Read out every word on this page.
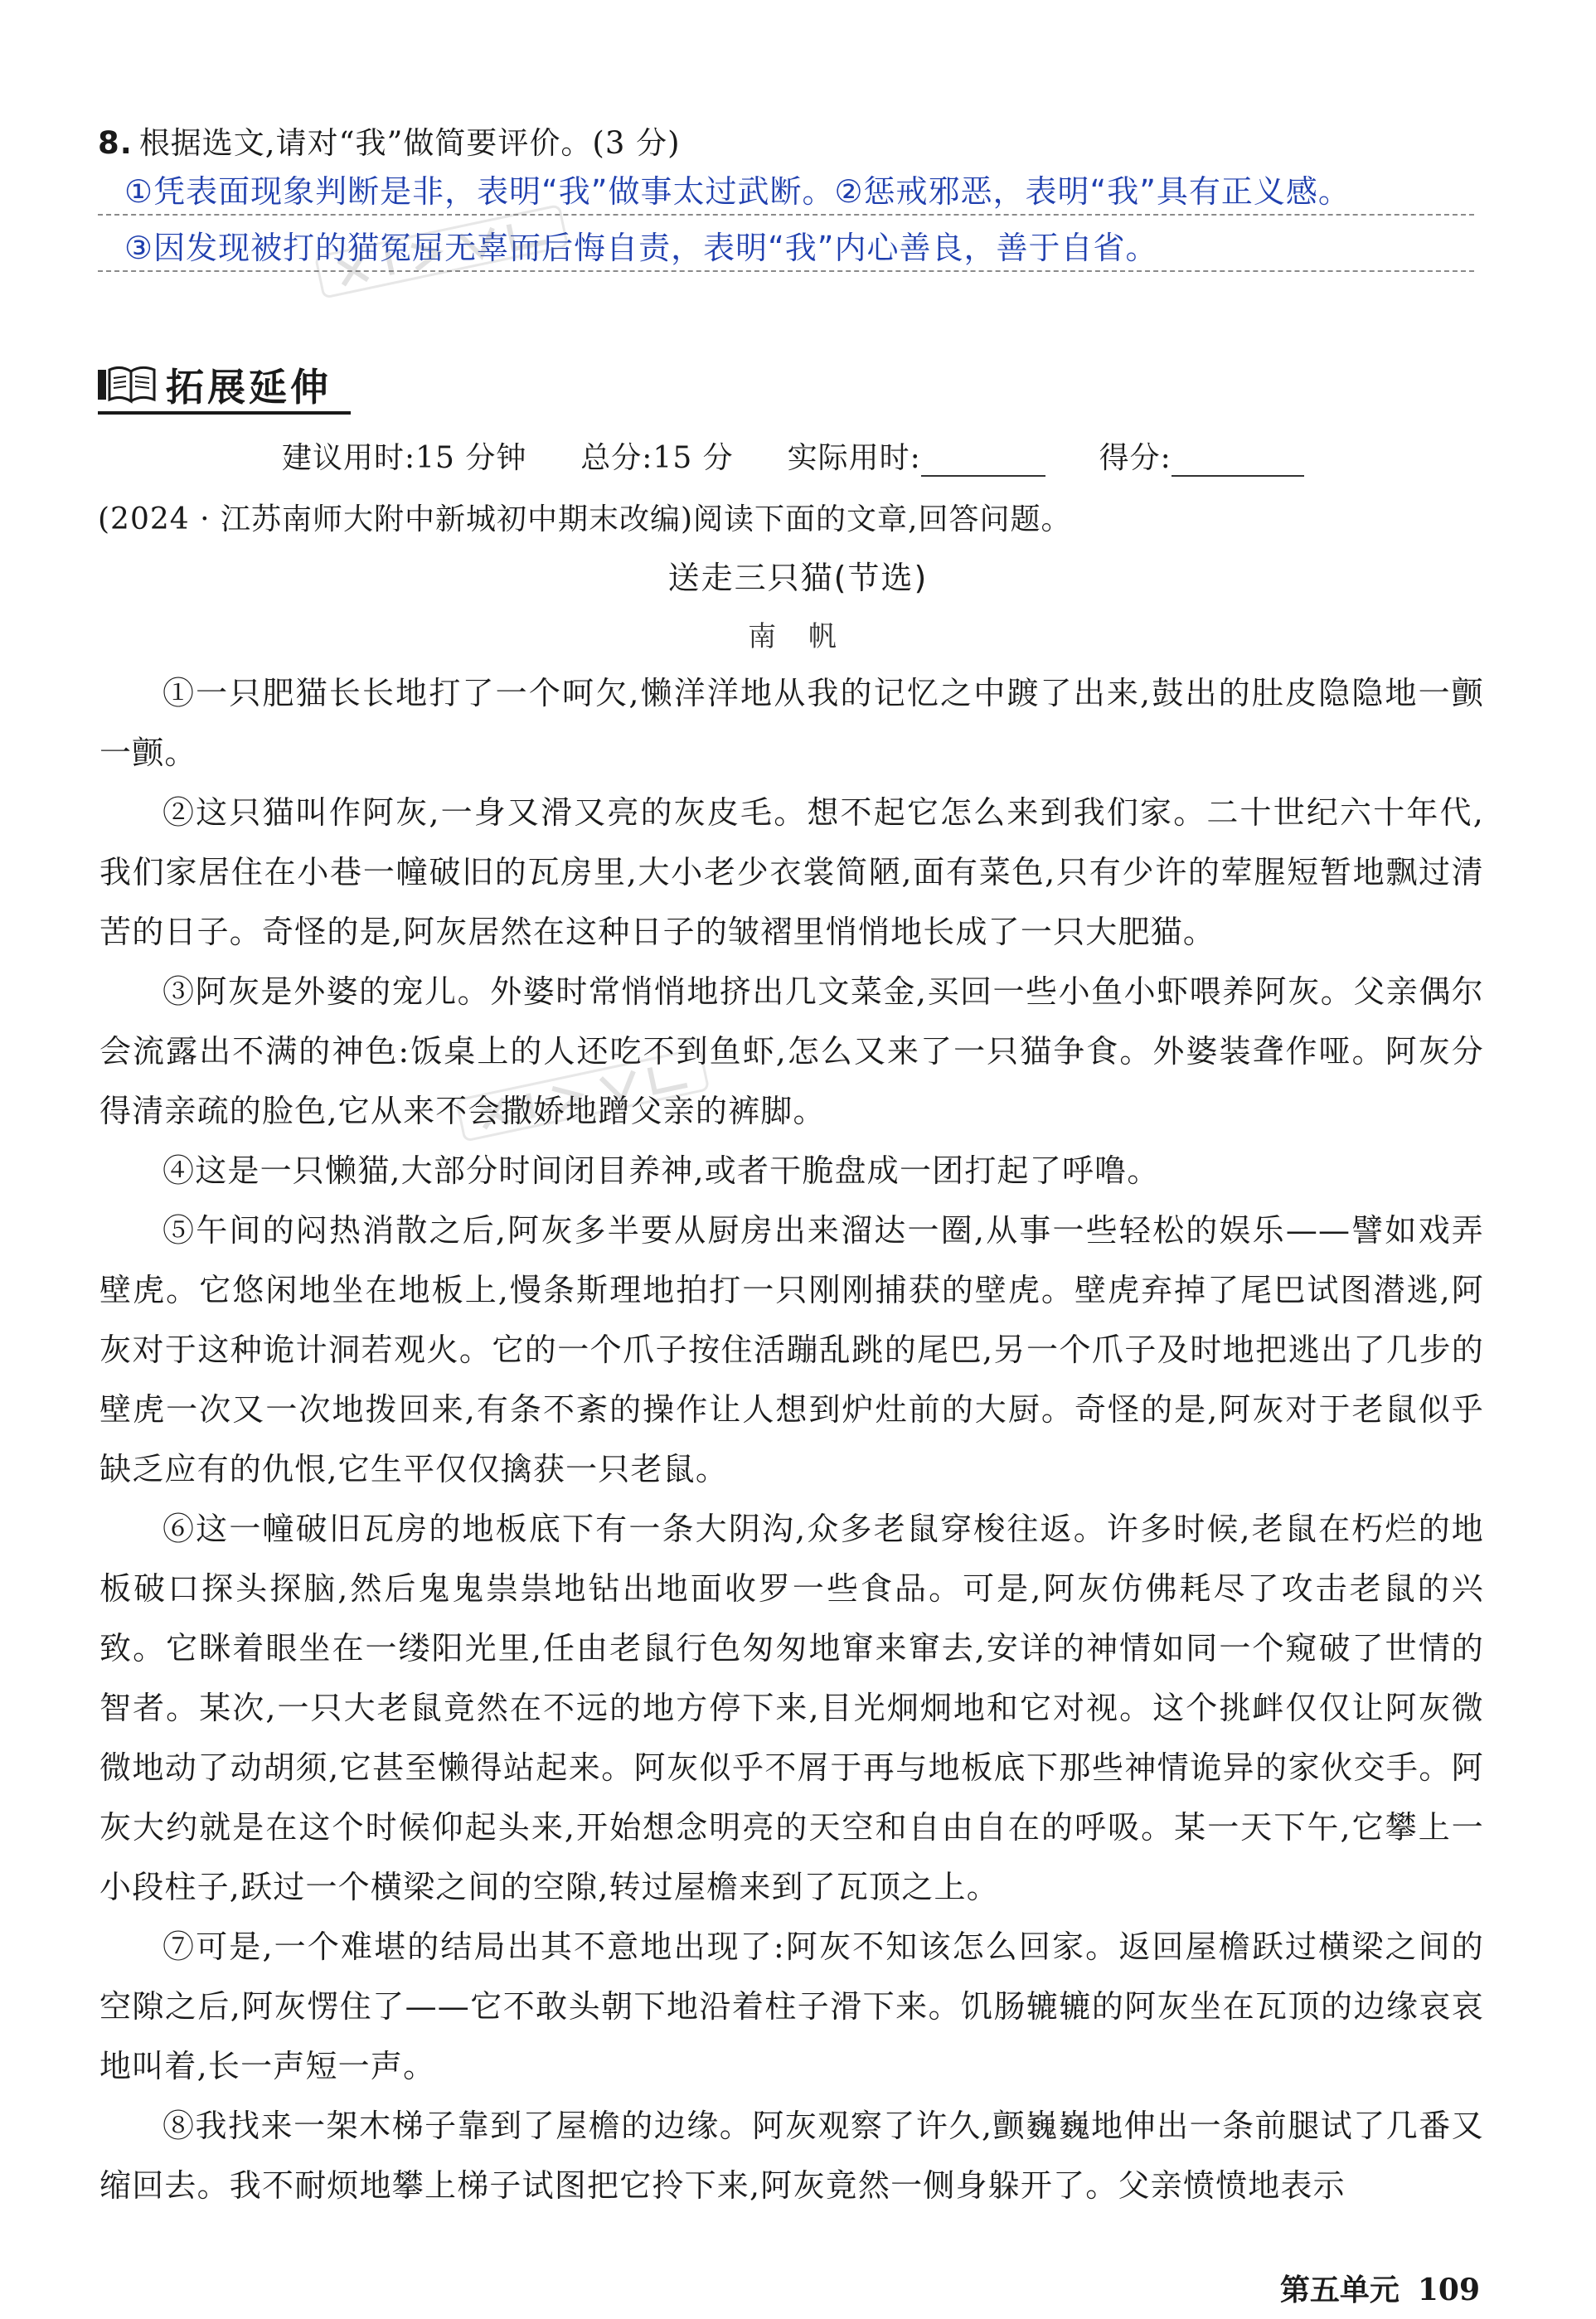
8. 根据选文,请对“我”做简要评价。(3 分)
①凭表面现象判断是非，表明“我”做事太过武断。②惩戒邪恶，表明“我”具有正义感。
③因发现被打的猫冤屈无辜而后悔自责，表明“我”内心善良，善于自省。
拓展延伸
建议用时:15 分钟 总分:15 分 实际用时:	得分:
(2024 · 江苏南师大附中新城初中期末改编)阅读下面的文章,回答问题。
送走三只猫(节选)
南 帆

①一只肥猫长长地打了一个呵欠,懒洋洋地从我的记忆之中踱了出来,鼓出的肚皮隐隐地一颤一颤。

②这只猫叫作阿灰,一身又滑又亮的灰皮毛。想不起它怎么来到我们家。二十世纪六十年代,我们家居住在小巷一幢破旧的瓦房里,大小老少衣裳简陋,面有菜色,只有少许的荤腥短暂地飘过清苦的日子。奇怪的是,阿灰居然在这种日子的皱褶里悄悄地长成了一只大肥猫。

③阿灰是外婆的宠儿。外婆时常悄悄地挤出几文菜金,买回一些小鱼小虾喂养阿灰。父亲偶尔会流露出不满的神色:饭桌上的人还吃不到鱼虾,怎么又来了一只猫争食。外婆装聋作哑。阿灰分得清亲疏的脸色,它从来不会撒娇地蹭父亲的裤脚。

④这是一只懒猫,大部分时间闭目养神,或者干脆盘成一团打起了呼噜。

⑤午间的闷热消散之后,阿灰多半要从厨房出来溜达一圈,从事一些轻松的娱乐——譬如戏弄壁虎。它悠闲地坐在地板上,慢条斯理地拍打一只刚刚捕获的壁虎。壁虎弃掉了尾巴试图潜逃,阿灰对于这种诡计洞若观火。它的一个爪子按住活蹦乱跳的尾巴,另一个爪子及时地把逃出了几步的壁虎一次又一次地拨回来,有条不紊的操作让人想到炉灶前的大厨。奇怪的是,阿灰对于老鼠似乎缺乏应有的仇恨,它生平仅仅擒获一只老鼠。

⑥这一幢破旧瓦房的地板底下有一条大阴沟,众多老鼠穿梭往返。许多时候,老鼠在朽烂的地板破口探头探脑,然后鬼鬼祟祟地钻出地面收罗一些食品。可是,阿灰仿佛耗尽了攻击老鼠的兴致。它眯着眼坐在一缕阳光里,任由老鼠行色匆匆地窜来窜去,安详的神情如同一个窥破了世情的智者。某次,一只大老鼠竟然在不远的地方停下来,目光炯炯地和它对视。这个挑衅仅仅让阿灰微微地动了动胡须,它甚至懒得站起来。阿灰似乎不屑于再与地板底下那些神情诡异的家伙交手。阿灰大约就是在这个时候仰起头来,开始想念明亮的天空和自由自在的呼吸。某一天下午,它攀上一小段柱子,跃过一个横梁之间的空隙,转过屋檐来到了瓦顶之上。

⑦可是,一个难堪的结局出其不意地出现了:阿灰不知该怎么回家。返回屋檐跃过横梁之间的空隙之后,阿灰愣住了——它不敢头朝下地沿着柱子滑下来。饥肠辘辘的阿灰坐在瓦顶的边缘哀哀地叫着,长一声短一声。

⑧我找来一架木梯子靠到了屋檐的边缘。阿灰观察了许久,颤巍巍地伸出一条前腿试了几番又缩回去。我不耐烦地攀上梯子试图把它拎下来,阿灰竟然一侧身躲开了。父亲愤愤地表示

第五单元 109
